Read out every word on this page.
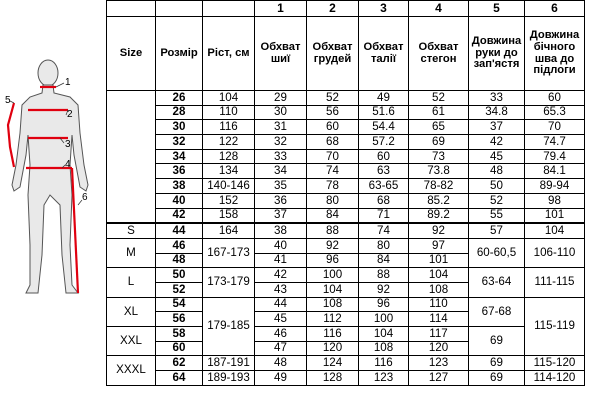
1
2
3
4
5
6
			1	2	3	4	5	6
Size	Розмір	Ріст, см	Обхват шиї	Обхват грудей	Обхват талії	Обхват стегон	Довжина руки до зап'ястя	Довжина бічного шва до підлоги
	26	104	29	52	49	52	33	60
	28	110	30	56	51.6	61	34.8	65.3
	30	116	31	60	54.4	65	37	70
	32	122	32	68	57.2	69	42	74.7
	34	128	33	70	60	73	45	79.4
	36	134	34	74	63	73.8	48	84.1
	38	140-146	35	78	63-65	78-82	50	89-94
	40	152	36	80	68	85.2	52	98
	42	158	37	84	71	89.2	55	101
S	44	164	38	88	74	92	57	104
M	46	167-173	40	92	80	97	60-60,5	106-110
	48		41	96	84	101		
L	50	173-179	42	100	88	104	63-64	111-115
	52		43	104	92	108		
XL	54	179-185	44	108	96	110	67-68	115-119
	56		45	112	100	114		
XXL	58		46	116	104	117	69	
	60		47	120	108	120		
XXXL	62	187-191	48	124	116	123	69	115-120
	64	189-193	49	128	123	127	69	114-120
